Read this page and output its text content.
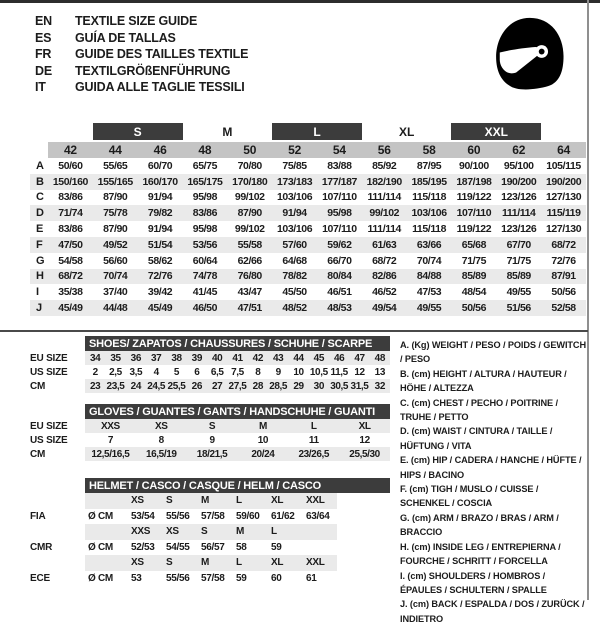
EN	TEXTILE SIZE GUIDE
ES	GUÍA DE TALLAS
FR	GUIDE DES TAILLES TEXTILE
DE	TEXTILGRÖßENFÜHRUNG
IT	GUIDA ALLE TAGLIE TESSILI
S	M	L	XL	XXL
42	44	46	48	50	52	54	56	58	60	62	64
A	50/60	55/65	60/70	65/75	70/80	75/85	83/88	85/92	87/95	90/100	95/100	105/115
B 150/160 155/165 160/170 165/175 170/180 173/183 177/187 182/190 185/195 187/198 190/200 190/200
C	83/86	87/90	91/94	95/98	99/102	103/106 107/110	111/114	115/118	119/122 123/126 127/130
D	71/74	75/78	79/82	83/86	87/90	91/94	95/98	99/102	103/106 107/110	111/114	115/119
E	83/86	87/90	91/94	95/98	99/102	103/106 107/110	111/114	115/118	119/122 123/126 127/130
F	47/50	49/52	51/54	53/56	55/58	57/60	59/62	61/63	63/66	65/68	67/70	68/72
G	54/58	56/60	58/62	60/64	62/66	64/68	66/70	68/72	70/74	71/75	71/75	72/76
H	68/72	70/74	72/76	74/78	76/80	78/82	80/84	82/86	84/88	85/89	85/89	87/91
I	35/38	37/40	39/42	41/45	43/47	45/50	46/51	46/52	47/53	48/54	49/55	50/56
J	45/49	44/48	45/49	46/50	47/51	48/52	48/53	49/54	49/55	50/56	51/56	52/58
SHOES/ ZAPATOS / CHAUSSURES / SCHUHE / SCARPE
EU SIZE	34	35	36	37	38	39	40	41	42	43	44	45	46	47	48
US SIZE	2	2,5 3,5	4	5	6	6,5 7,5	8	9	10 10,5 11,5 12	13
CM	23 23,5 24 24,5 25,5 26	27 27,5 28 28,5 29	30 30,5 31,5 32
GLOVES / GUANTES / GANTS / HANDSCHUHE / GUANTI
EU SIZE	XXS	XS	S	M	L	XL
US SIZE	7	8	9	10	11	12
CM	12,5/16,5	16,5/19	18/21,5	20/24	23/26,5	25,5/30
HELMET / CASCO / CASQUE / HELM / CASCO
XS	S	M	L	XL	XXL
FIA	Ø CM	53/54	55/56	57/58	59/60	61/62	63/64
XXS	XS	S	M	L
CMR	Ø CM	52/53	54/55	56/57	58	59
XS	S	M	L	XL	XXL
ECE	Ø CM	53	55/56	57/58	59	60	61
A. (Kg) WEIGHT / PESO / POIDS / GEWITCH / PESO
B. (cm) HEIGHT / ALTURA / HAUTEUR / HÖHE / ALTEZZA
C. (cm) CHEST / PECHO / POITRINE / TRUHE / PETTO
D. (cm) WAIST / CINTURA / TAILLE / HÜFTUNG / VITA
E. (cm) HIP / CADERA / HANCHE / HÜFTE / HIPS / BACINO
F. (cm) TIGH / MUSLO / CUISSE / SCHENKEL / COSCIA
G. (cm) ARM / BRAZO / BRAS / ARM / BRACCIO
H. (cm) INSIDE LEG / ENTREPIERNA / FOURCHE / SCHRITT / FORCELLA
I. (cm) SHOULDERS / HOMBROS / ÉPAULES / SCHULTERN / SPALLE
J. (cm) BACK / ESPALDA / DOS / ZURÜCK / INDIETRO
